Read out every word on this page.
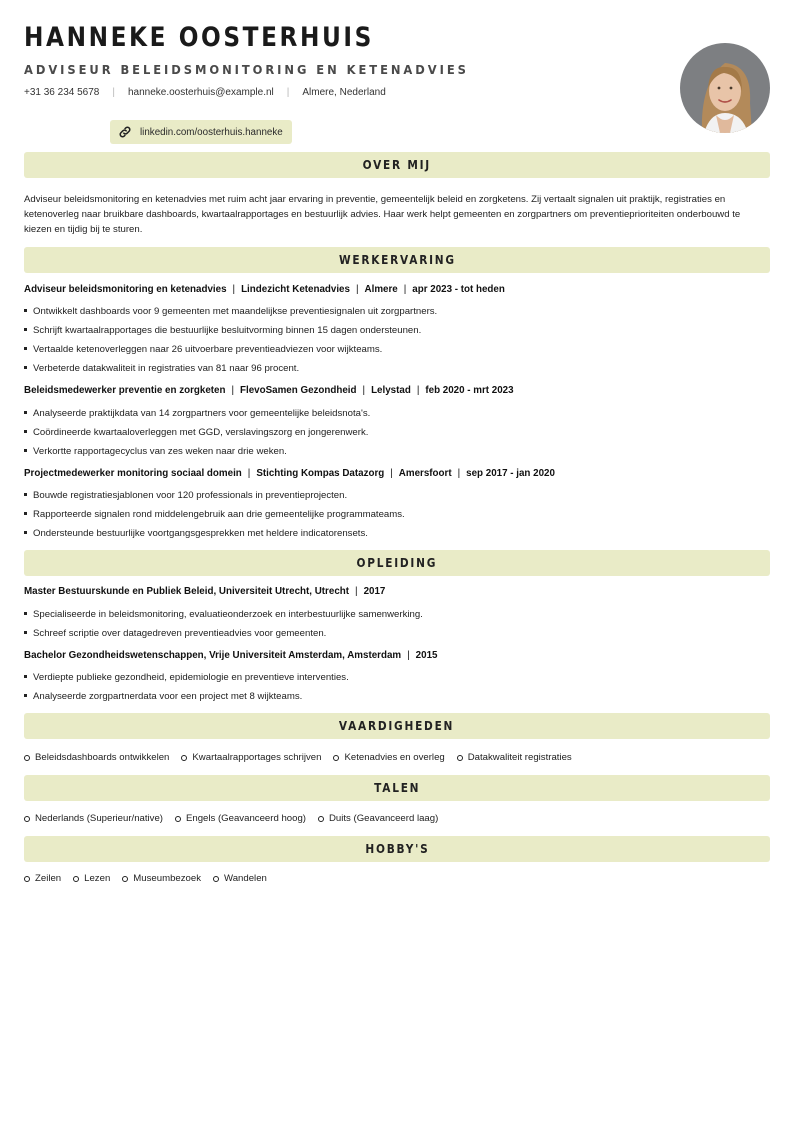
HANNEKE OOSTERHUIS
ADVISEUR BELEIDSMONITORING EN KETENADVIES
+31 36 234 5678 | hanneke.oosterhuis@example.nl | Almere, Nederland
linkedin.com/oosterhuis.hanneke
OVER MIJ

Adviseur beleidsmonitoring en ketenadvies met ruim acht jaar ervaring in preventie, gemeentelijk beleid en zorgketens. Zij vertaalt signalen uit praktijk, registraties en ketenoverleg naar bruikbare dashboards, kwartaalrapportages en bestuurlijk advies. Haar werk helpt gemeenten en zorgpartners om preventieprioriteiten onderbouwd te kiezen en tijdig bij te sturen.

WERKERVARING
Adviseur beleidsmonitoring en ketenadvies | Lindezicht Ketenadvies | Almere | apr 2023 - tot heden
Ontwikkelt dashboards voor 9 gemeenten met maandelijkse preventiesignalen uit zorgpartners.
Schrijft kwartaalrapportages die bestuurlijke besluitvorming binnen 15 dagen ondersteunen.
Vertaalde ketenoverleggen naar 26 uitvoerbare preventieadviezen voor wijkteams.
Verbeterde datakwaliteit in registraties van 81 naar 96 procent.
Beleidsmedewerker preventie en zorgketen | FlevoSamen Gezondheid | Lelystad | feb 2020 - mrt 2023
Analyseerde praktijkdata van 14 zorgpartners voor gemeentelijke beleidsnota's.
Coördineerde kwartaaloverleggen met GGD, verslavingszorg en jongerenwerk.
Verkortte rapportagecyclus van zes weken naar drie weken.
Projectmedewerker monitoring sociaal domein | Stichting Kompas Datazorg | Amersfoort | sep 2017 - jan 2020
Bouwde registratiesjablonen voor 120 professionals in preventieprojecten.
Rapporteerde signalen rond middelengebruik aan drie gemeentelijke programmateams.
Ondersteunde bestuurlijke voortgangsgesprekken met heldere indicatorensets.
OPLEIDING
Master Bestuurskunde en Publiek Beleid, Universiteit Utrecht, Utrecht | 2017
Specialiseerde in beleidsmonitoring, evaluatieonderzoek en interbestuurlijke samenwerking.
Schreef scriptie over datagedreven preventieadvies voor gemeenten.
Bachelor Gezondheidswetenschappen, Vrije Universiteit Amsterdam, Amsterdam | 2015
Verdiepte publieke gezondheid, epidemiologie en preventieve interventies.
Analyseerde zorgpartnerdata voor een project met 8 wijkteams.
VAARDIGHEDEN
Beleidsdashboards ontwikkelen Kwartaalrapportages schrijven Ketenadvies en overleg Datakwaliteit registraties
TALEN
Nederlands (Superieur/native) Engels (Geavanceerd hoog) Duits (Geavanceerd laag)
HOBBY'S
Zeilen Lezen Museumbezoek Wandelen
